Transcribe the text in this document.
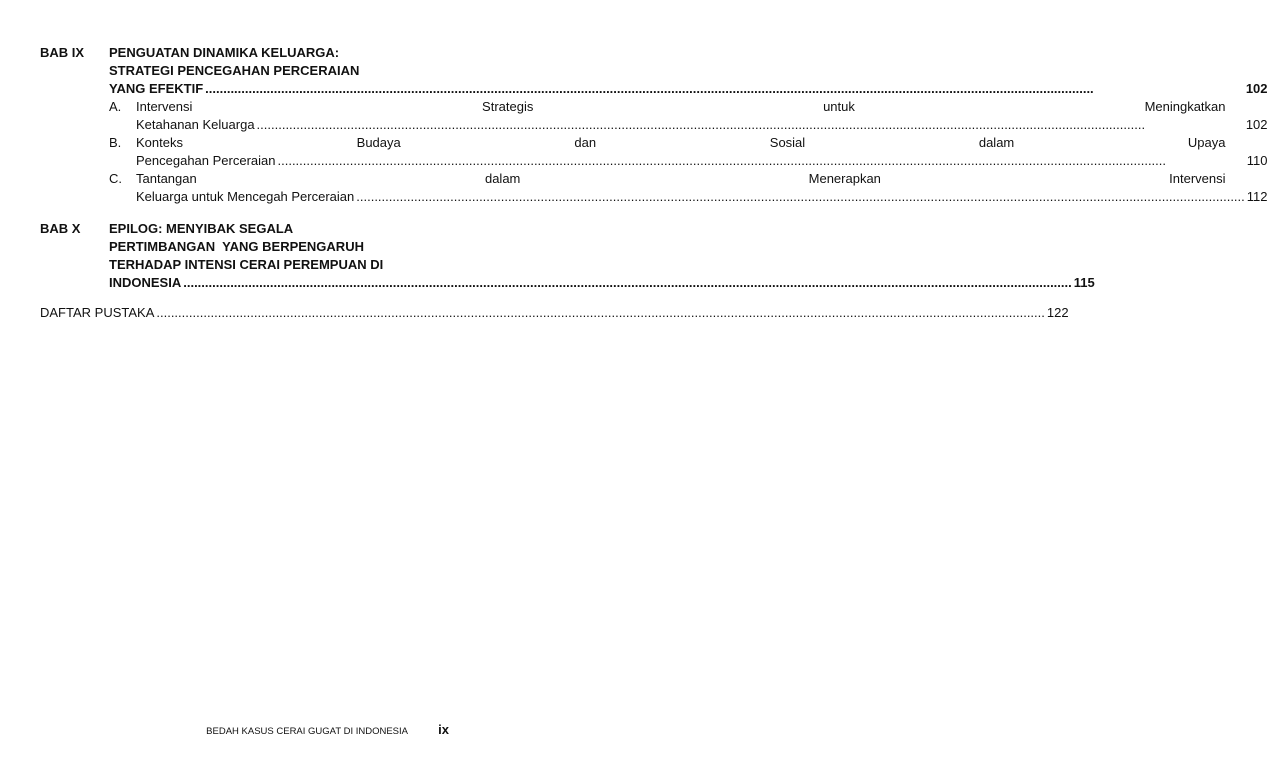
BAB IX	PENGUATAN DINAMIKA KELUARGA:
STRATEGI PENCEGAHAN PERCERAIAN
YANG EFEKTIF .....	102
A.	Intervensi Strategis untuk Meningkatkan
Ketahanan Keluarga .....	102
B.	Konteks Budaya dan Sosial dalam Upaya
Pencegahan Perceraian .....	110
C.	Tantangan dalam Menerapkan Intervensi
Keluarga untuk Mencegah Perceraian .....	112
BAB X	EPILOG: MENYIBAK SEGALA
PERTIMBANGAN  YANG BERPENGARUH
TERHADAP INTENSI CERAI PEREMPUAN DI
INDONESIA .....	115
DAFTAR PUSTAKA .....	122
BEDAH KASUS CERAI GUGAT DI INDONESIA ix
